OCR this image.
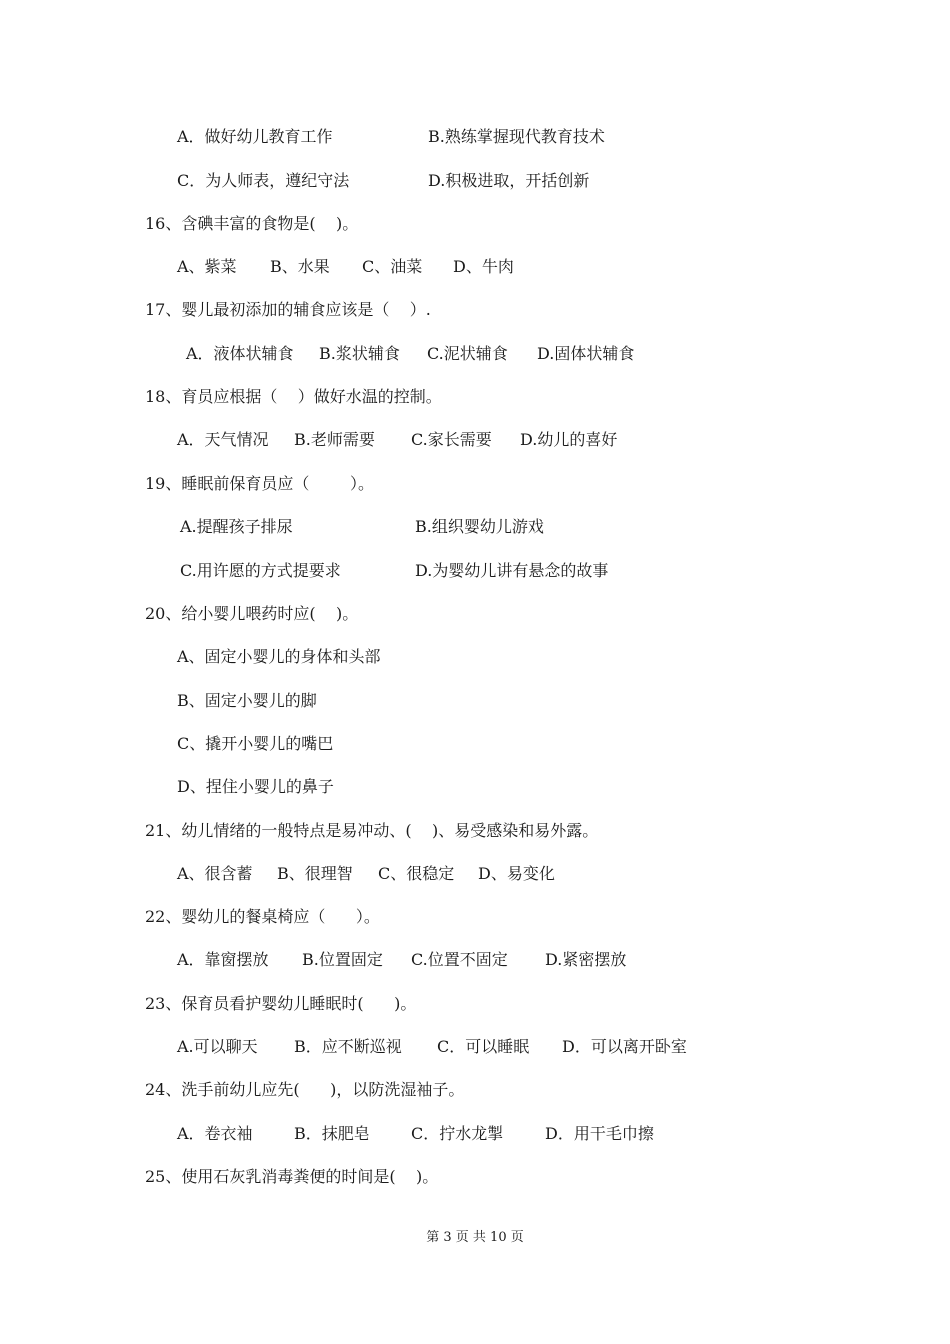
A．做好幼儿教育工作	B.熟练掌握现代教育技术
C．为人师表，遵纪守法	D.积极进取，开括创新
16、含碘丰富的食物是(    )。
A、紫菜 B、水果 C、油菜 D、牛肉
17、婴儿最初添加的辅食应该是（    ）.
A．液体状辅食 B.浆状辅食 C.泥状辅食 D.固体状辅食
18、育员应根据（    ）做好水温的控制。
A．天气情况 B.老师需要 C.家长需要 D.幼儿的喜好
19、睡眠前保育员应（        ）。
A.提醒孩子排尿	B.组织婴幼儿游戏
C.用许愿的方式提要求	D.为婴幼儿讲有悬念的故事
20、给小婴儿喂药时应(    )。
A、固定小婴儿的身体和头部
B、固定小婴儿的脚
C、撬开小婴儿的嘴巴
D、捏住小婴儿的鼻子
21、幼儿情绪的一般特点是易冲动、(    )、易受感染和易外露。
A、很含蓄 B、很理智 C、很稳定 D、易变化
22、婴幼儿的餐桌椅应（      ）。
A．靠窗摆放 B.位置固定 C.位置不固定 D.紧密摆放
23、保育员看护婴幼儿睡眠时(      )。
A.可以聊天 B．应不断巡视 C．可以睡眠 D．可以离开卧室
24、洗手前幼儿应先(      )，以防洗湿袖子。
A．卷衣袖	B．抹肥皂	C．拧水龙掣	D．用干毛巾擦
25、使用石灰乳消毒粪便的时间是(    )。
第 3 页 共 10 页
